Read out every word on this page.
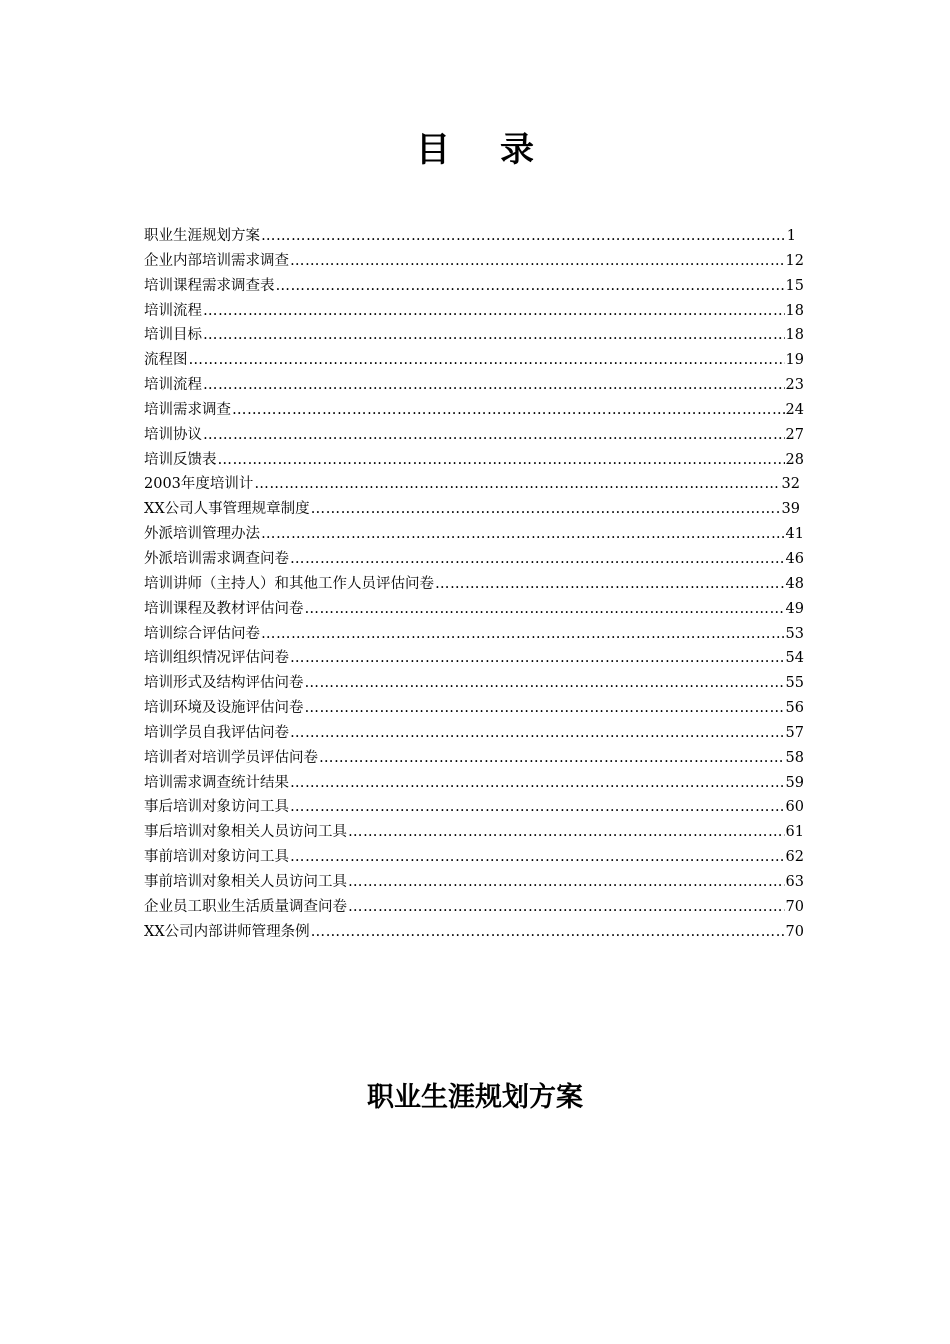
目录
职业生涯规划方案 ……………………………………………………………………………………………………………………………………………………………………………………………………………………	1
企业内部培训需求调查 ……………………………………………………………………………………………………………………………………………………………………………………………………………………	12
培训课程需求调查表 ……………………………………………………………………………………………………………………………………………………………………………………………………………………	15
培训流程 ……………………………………………………………………………………………………………………………………………………………………………………………………………………	18
培训目标 ……………………………………………………………………………………………………………………………………………………………………………………………………………………	18
流程图 ……………………………………………………………………………………………………………………………………………………………………………………………………………………	19
培训流程 ……………………………………………………………………………………………………………………………………………………………………………………………………………………	23
培训需求调查 ……………………………………………………………………………………………………………………………………………………………………………………………………………………	24
培训协议 ……………………………………………………………………………………………………………………………………………………………………………………………………………………	27
培训反馈表 ……………………………………………………………………………………………………………………………………………………………………………………………………………………	28
2003年度培训计 ……………………………………………………………………………………………………………………………………………………………………………………………………………………	32
XX公司人事管理规章制度 ……………………………………………………………………………………………………………………………………………………………………………………………………………………	39
外派培训管理办法 ……………………………………………………………………………………………………………………………………………………………………………………………………………………	41
外派培训需求调查问卷 ……………………………………………………………………………………………………………………………………………………………………………………………………………………	46
培训讲师（主持人）和其他工作人员评估问卷 ……………………………………………………………………………………………………………………………………………………………………………………………………………………	48
培训课程及教材评估问卷 ……………………………………………………………………………………………………………………………………………………………………………………………………………………	49
培训综合评估问卷 ……………………………………………………………………………………………………………………………………………………………………………………………………………………	53
培训组织情况评估问卷 ……………………………………………………………………………………………………………………………………………………………………………………………………………………	54
培训形式及结构评估问卷 ……………………………………………………………………………………………………………………………………………………………………………………………………………………	55
培训环境及设施评估问卷 ……………………………………………………………………………………………………………………………………………………………………………………………………………………	56
培训学员自我评估问卷 ……………………………………………………………………………………………………………………………………………………………………………………………………………………	57
培训者对培训学员评估问卷 ……………………………………………………………………………………………………………………………………………………………………………………………………………………	58
培训需求调查统计结果 ……………………………………………………………………………………………………………………………………………………………………………………………………………………	59
事后培训对象访问工具 ……………………………………………………………………………………………………………………………………………………………………………………………………………………	60
事后培训对象相关人员访问工具 ……………………………………………………………………………………………………………………………………………………………………………………………………………………	61
事前培训对象访问工具 ……………………………………………………………………………………………………………………………………………………………………………………………………………………	62
事前培训对象相关人员访问工具 ……………………………………………………………………………………………………………………………………………………………………………………………………………………	63
企业员工职业生活质量调查问卷 ……………………………………………………………………………………………………………………………………………………………………………………………………………………	70
XX公司内部讲师管理条例 ……………………………………………………………………………………………………………………………………………………………………………………………………………………	70
职业生涯规划方案
